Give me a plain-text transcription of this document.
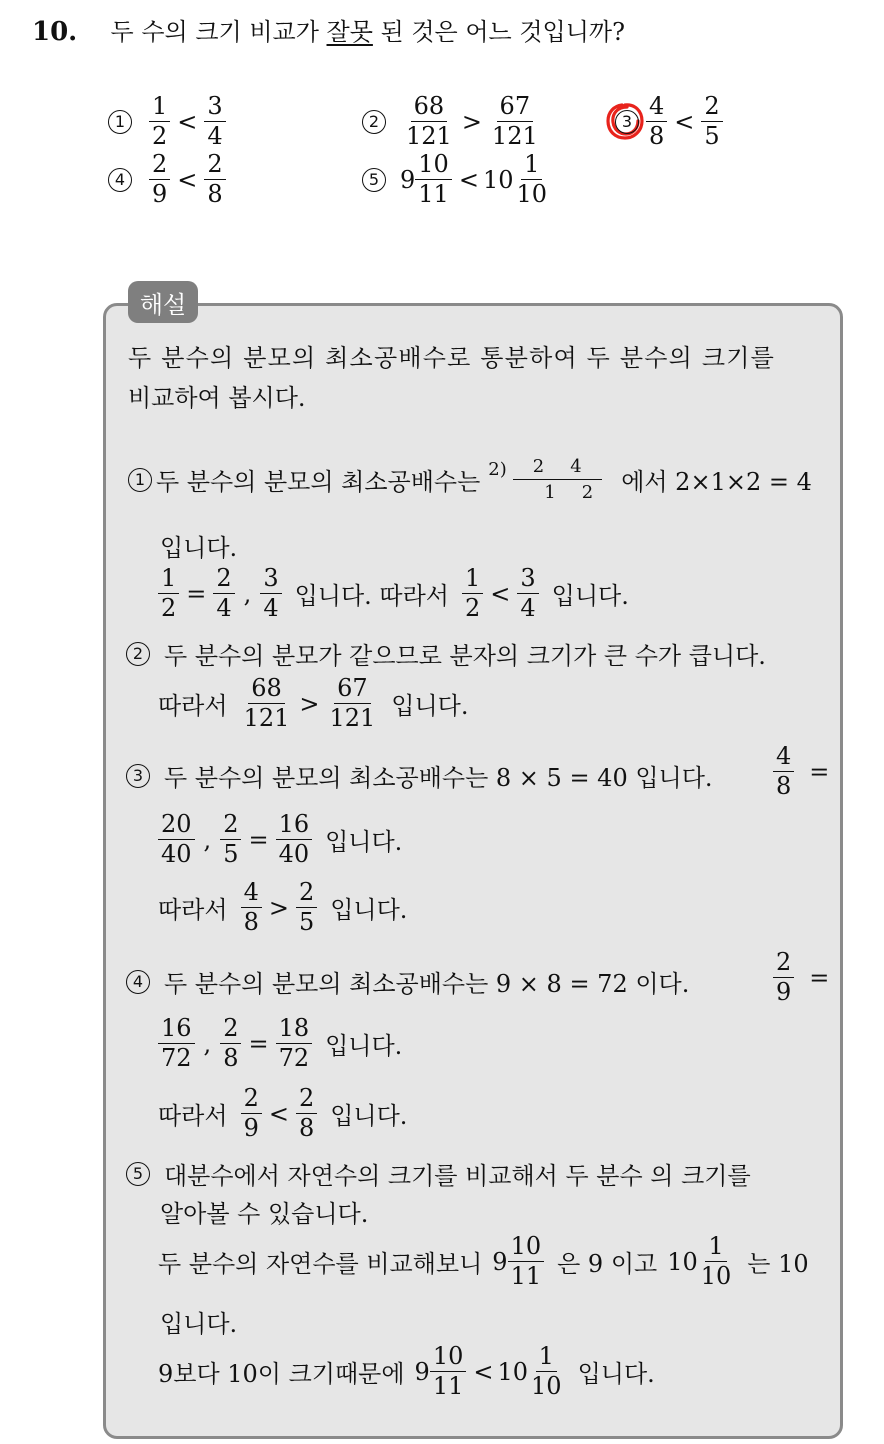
10. 두 수의 크기 비교가 잘못 된 것은 어느 것입니까?
$1 \frac{1}{2} < \frac{3}{4}$	$2 \frac{68}{121} > \frac{67}{121}$	$3 \frac{4}{8} < \frac{2}{5}$
$4 \frac{2}{9} < \frac{2}{8}$	5 $9 \frac{10}{11} < 10 \frac{1}{10}$
해설
두 분수의 분모의 최소공배수로 통분하여 두 분수의 크기를
비교하여 봅시다.
1 두 분수의 분모의 최소공배수는 2)	2 4
1 2 에서 2×1×2 = 4
입니다.
$\frac{1}{2} = \frac{2}{4}$ , $\frac{3}{4}$ 입니다. 따라서 $\frac{1}{2} < \frac{3}{4}$ 입니다.
2 두 분수의 분모가 같으므로 분자의 크기가 큰 수가 큽니다.
따라서 $\frac{68}{121} > \frac{67}{121}$ 입니다.
3 두 분수의 분모의 최소공배수는 8 × 5 = 40 입니다.	$\frac{4}{8}$ =
$\frac{20}{40}$ , $\frac{2}{5} = \frac{16}{40}$ 입니다.
따라서 $\frac{4}{8} > \frac{2}{5}$ 입니다.
4 두 분수의 분모의 최소공배수는 9 × 8 = 72 이다.	$\frac{2}{9}$ =
$\frac{16}{72}$ , $\frac{2}{8} = \frac{18}{72}$ 입니다.
따라서 $\frac{2}{9} < \frac{2}{8}$ 입니다.
5 대분수에서 자연수의 크기를 비교해서 두 분수 의 크기를
알아볼 수 있습니다.
두 분수의 자연수를 비교해보니 $9 \frac{10}{11}$ 은 9 이고 $10 \frac{1}{10}$ 는 10
입니다.
9보다 10이 크기때문에 $9 \frac{10}{11} < 10 \frac{1}{10}$ 입니다.
